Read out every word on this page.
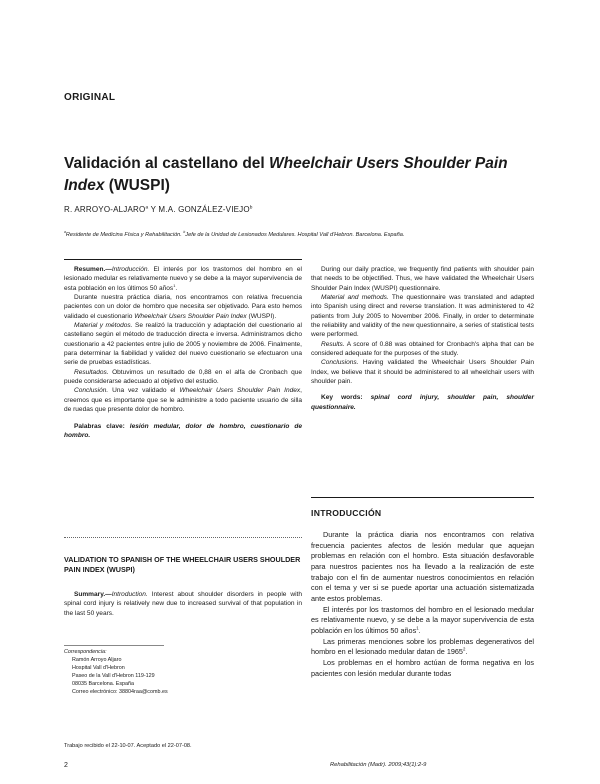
ORIGINAL
Validación al castellano del Wheelchair Users Shoulder Pain Index (WUSPI)
R. ARROYO-ALJARO$^a$ Y M.A. GONZÁLEZ-VIEJO$^b$
$^a$Residente de Medicina Física y Rehabilitación. $^b$Jefe de la Unidad de Lesionados Medulares. Hospital Vall d'Hebron. Barcelona. España.

Resumen.—Introducción. El interés por los trastornos del hombro en el lesionado medular es relativamente nuevo y se debe a la mayor supervivencia de esta población en los últimos 50 años$^1$.

Durante nuestra práctica diaria, nos encontramos con relativa frecuencia pacientes con un dolor de hombro que necesita ser objetivado. Para esto hemos validado el cuestionario Wheelchair Users Shoulder Pain Index (WUSPI).

Material y métodos. Se realizó la traducción y adaptación del cuestionario al castellano según el método de traducción directa e inversa. Administramos dicho cuestionario a 42 pacientes entre julio de 2005 y noviembre de 2006. Finalmente, para determinar la fiabilidad y validez del nuevo cuestionario se efectuaron una serie de pruebas estadísticas.

Resultados. Obtuvimos un resultado de 0,88 en el alfa de Cronbach que puede considerarse adecuado al objetivo del estudio.

Conclusión. Una vez validado el Wheelchair Users Shoulder Pain Index, creemos que es importante que se le administre a todo paciente usuario de silla de ruedas que presente dolor de hombro.

Palabras clave: lesión medular, dolor de hombro, cuestionario de hombro.

During our daily practice, we frequently find patients with shoulder pain that needs to be objectified. Thus, we have validated the Wheelchair Users Shoulder Pain Index (WUSPI) questionnaire.

Material and methods. The questionnaire was translated and adapted into Spanish using direct and reverse translation. It was administered to 42 patients from July 2005 to November 2006. Finally, in order to determinate the reliability and validity of the new questionnaire, a series of statistical tests were performed.

Results. A score of 0.88 was obtained for Cronbach's alpha that can be considered adequate for the purposes of the study.

Conclusions. Having validated the Wheelchair Users Shoulder Pain Index, we believe that it should be administered to all wheelchair users with shoulder pain.

Key words: spinal cord injury, shoulder pain, shoulder questionnaire.

VALIDATION TO SPANISH OF THE WHEELCHAIR USERS SHOULDER PAIN INDEX (WUSPI)

Summary.—Introduction. Interest about shoulder disorders in people with spinal cord injury is relatively new due to increased survival of that population in the last 50 years.

Correspondencia:
Ramón Arroyo Aljaro
Hospital Vall d'Hebron
Paseo de la Vall d'Hebron 119-129
08035 Barcelona. España
Correo electrónico: 38804raa@comb.es
Trabajo recibido el 22-10-07. Aceptado el 22-07-08.
INTRODUCCIÓN

Durante la práctica diaria nos encontramos con relativa frecuencia pacientes afectos de lesión medular que aquejan problemas en relación con el hombro. Esta situación desfavorable para nuestros pacientes nos ha llevado a la realización de este trabajo con el fin de aumentar nuestros conocimientos en relación con el tema y ver si se puede aportar una actuación sistematizada ante estos problemas.

El interés por los trastornos del hombro en el lesionado medular es relativamente nuevo, y se debe a la mayor supervivencia de esta población en los últimos 50 años$^1$.

Las primeras menciones sobre los problemas degenerativos del hombro en el lesionado medular datan de 1965$^2$.

Los problemas en el hombro actúan de forma negativa en los pacientes con lesión medular durante todas

2	Rehabilitación (Madr). 2009;43(1):2-9
